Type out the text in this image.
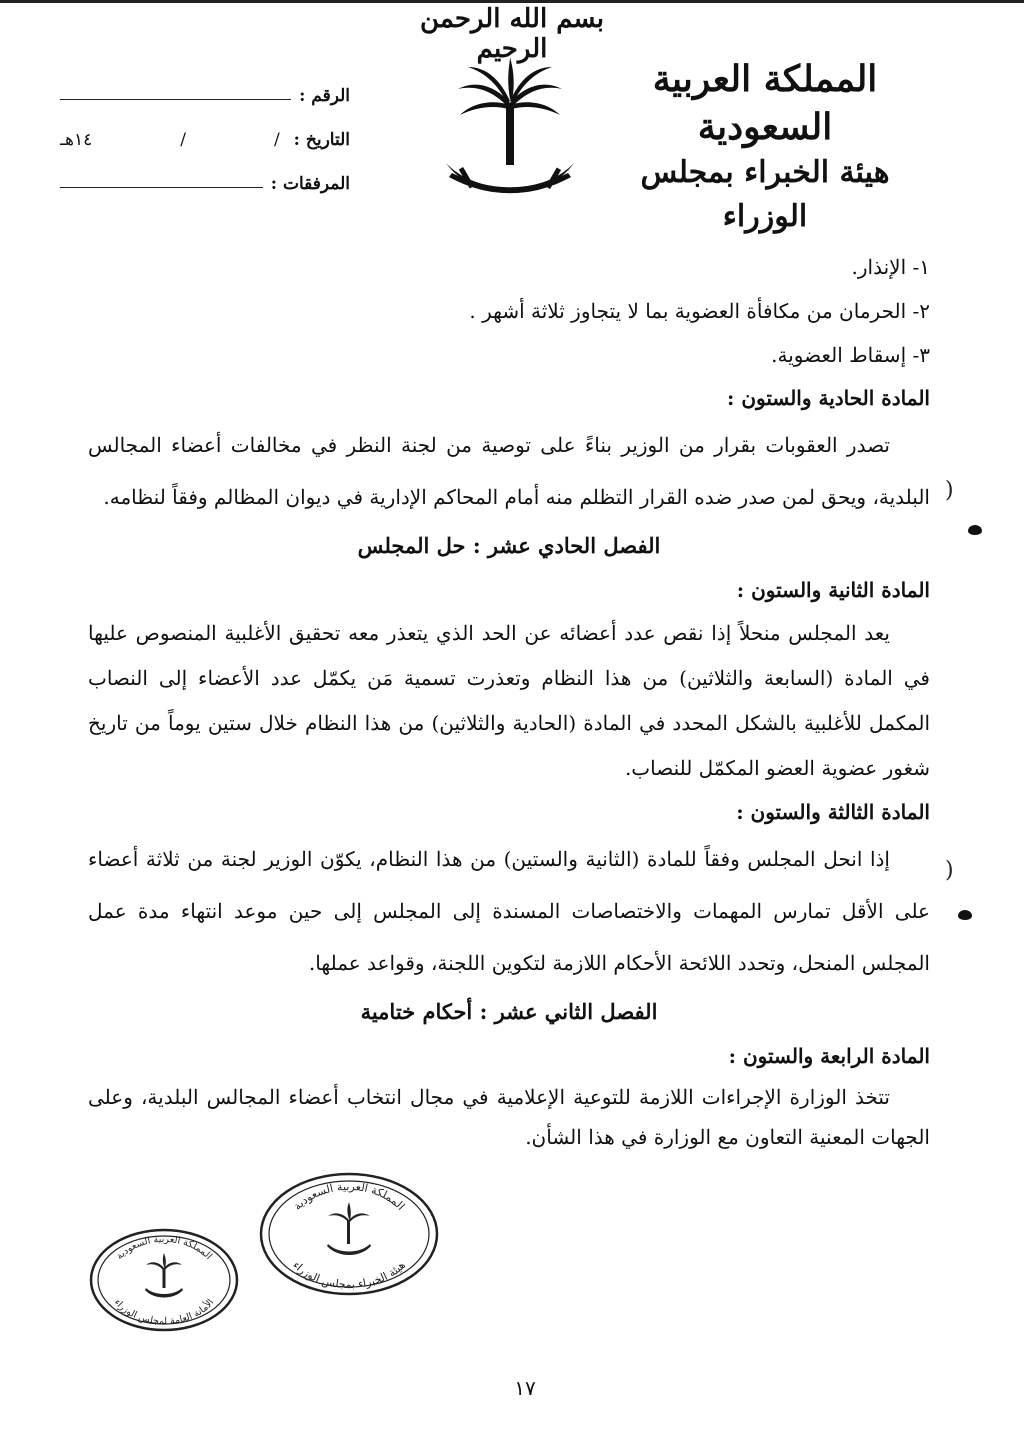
بسم الله الرحمن الرحيم
المملكة العربية السعودية
هيئة الخبراء بمجلس الوزراء
الرقم :
التاريخ :
/
/
١٤هـ
المرفقات :

١- الإنذار.

٢- الحرمان من مكافأة العضوية بما لا يتجاوز ثلاثة أشهر .

٣- إسقاط العضوية.

المادة الحادية والستون :

تصدر العقوبات بقرار من الوزير بناءً على توصية من لجنة النظر في مخالفات أعضاء المجالس البلدية، ويحق لمن صدر ضده القرار التظلم منه أمام المحاكم الإدارية في ديوان المظالم وفقاً لنظامه.

الفصل الحادي عشر : حل المجلس

المادة الثانية والستون :

يعد المجلس منحلاً إذا نقص عدد أعضائه عن الحد الذي يتعذر معه تحقيق الأغلبية المنصوص عليها في المادة (السابعة والثلاثين) من هذا النظام وتعذرت تسمية مَن يكمّل عدد الأعضاء إلى النصاب المكمل للأغلبية بالشكل المحدد في المادة (الحادية والثلاثين) من هذا النظام خلال ستين يوماً من تاريخ شغور عضوية العضو المكمّل للنصاب.

المادة الثالثة والستون :

إذا انحل المجلس وفقاً للمادة (الثانية والستين) من هذا النظام، يكوّن الوزير لجنة من ثلاثة أعضاء على الأقل تمارس المهمات والاختصاصات المسندة إلى المجلس إلى حين موعد انتهاء مدة عمل المجلس المنحل، وتحدد اللائحة الأحكام اللازمة لتكوين اللجنة، وقواعد عملها.

الفصل الثاني عشر : أحكام ختامية

المادة الرابعة والستون :

تتخذ الوزارة الإجراءات اللازمة للتوعية الإعلامية في مجال انتخاب أعضاء المجالس البلدية، وعلى الجهات المعنية التعاون مع الوزارة في هذا الشأن.

)
)
المملكة العربية السعودية
هيئة الخبراء بمجلس الوزراء
المملكة العربية السعودية
الأمانة العامة لمجلس الوزراء
١٧
